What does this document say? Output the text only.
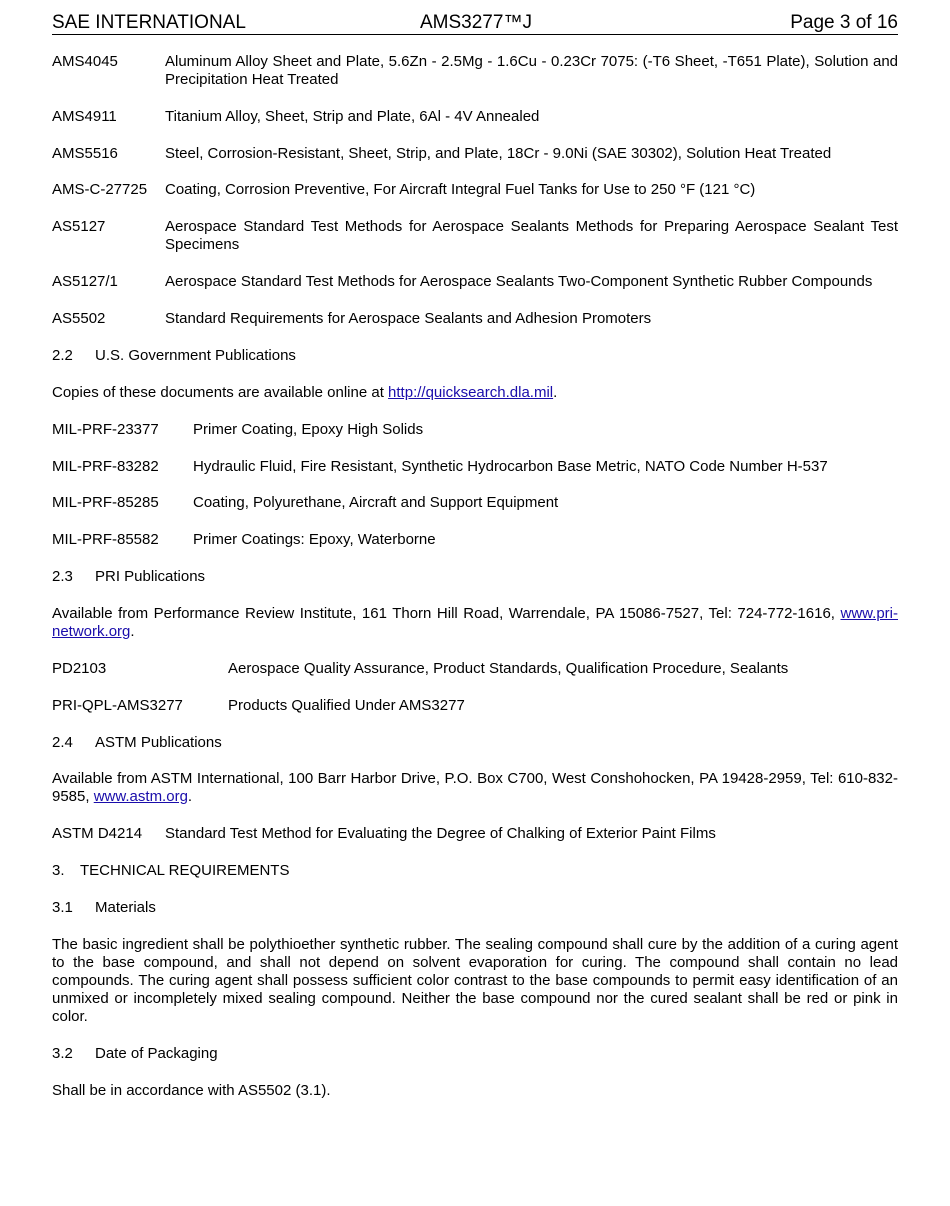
SAE INTERNATIONAL	AMS3277™J	Page 3 of 16
AMS4045	Aluminum Alloy Sheet and Plate, 5.6Zn - 2.5Mg - 1.6Cu - 0.23Cr 7075: (-T6 Sheet, -T651 Plate), Solution and Precipitation Heat Treated
AMS4911	Titanium Alloy, Sheet, Strip and Plate, 6Al - 4V Annealed
AMS5516	Steel, Corrosion-Resistant, Sheet, Strip, and Plate, 18Cr - 9.0Ni (SAE 30302), Solution Heat Treated
AMS-C-27725 Coating, Corrosion Preventive, For Aircraft Integral Fuel Tanks for Use to 250 °F (121 °C)
AS5127	Aerospace Standard Test Methods for Aerospace Sealants Methods for Preparing Aerospace Sealant Test Specimens
AS5127/1	Aerospace Standard Test Methods for Aerospace Sealants Two-Component Synthetic Rubber Compounds
AS5502	Standard Requirements for Aerospace Sealants and Adhesion Promoters
2.2 U.S. Government Publications
Copies of these documents are available online at http://quicksearch.dla.mil.
MIL-PRF-23377 Primer Coating, Epoxy High Solids
MIL-PRF-83282 Hydraulic Fluid, Fire Resistant, Synthetic Hydrocarbon Base Metric, NATO Code Number H-537
MIL-PRF-85285 Coating, Polyurethane, Aircraft and Support Equipment
MIL-PRF-85582 Primer Coatings: Epoxy, Waterborne
2.3 PRI Publications
Available from Performance Review Institute, 161 Thorn Hill Road, Warrendale, PA 15086-7527, Tel: 724-772-1616, www.pri-network.org.
PD2103	Aerospace Quality Assurance, Product Standards, Qualification Procedure, Sealants
PRI-QPL-AMS3277	Products Qualified Under AMS3277
2.4 ASTM Publications
Available from ASTM International, 100 Barr Harbor Drive, P.O. Box C700, West Conshohocken, PA 19428-2959, Tel: 610-832-9585, www.astm.org.
ASTM D4214 Standard Test Method for Evaluating the Degree of Chalking of Exterior Paint Films
3. TECHNICAL REQUIREMENTS
3.1 Materials
The basic ingredient shall be polythioether synthetic rubber. The sealing compound shall cure by the addition of a curing agent to the base compound, and shall not depend on solvent evaporation for curing. The compound shall contain no lead compounds. The curing agent shall possess sufficient color contrast to the base compounds to permit easy identification of an unmixed or incompletely mixed sealing compound. Neither the base compound nor the cured sealant shall be red or pink in color.
3.2 Date of Packaging
Shall be in accordance with AS5502 (3.1).
